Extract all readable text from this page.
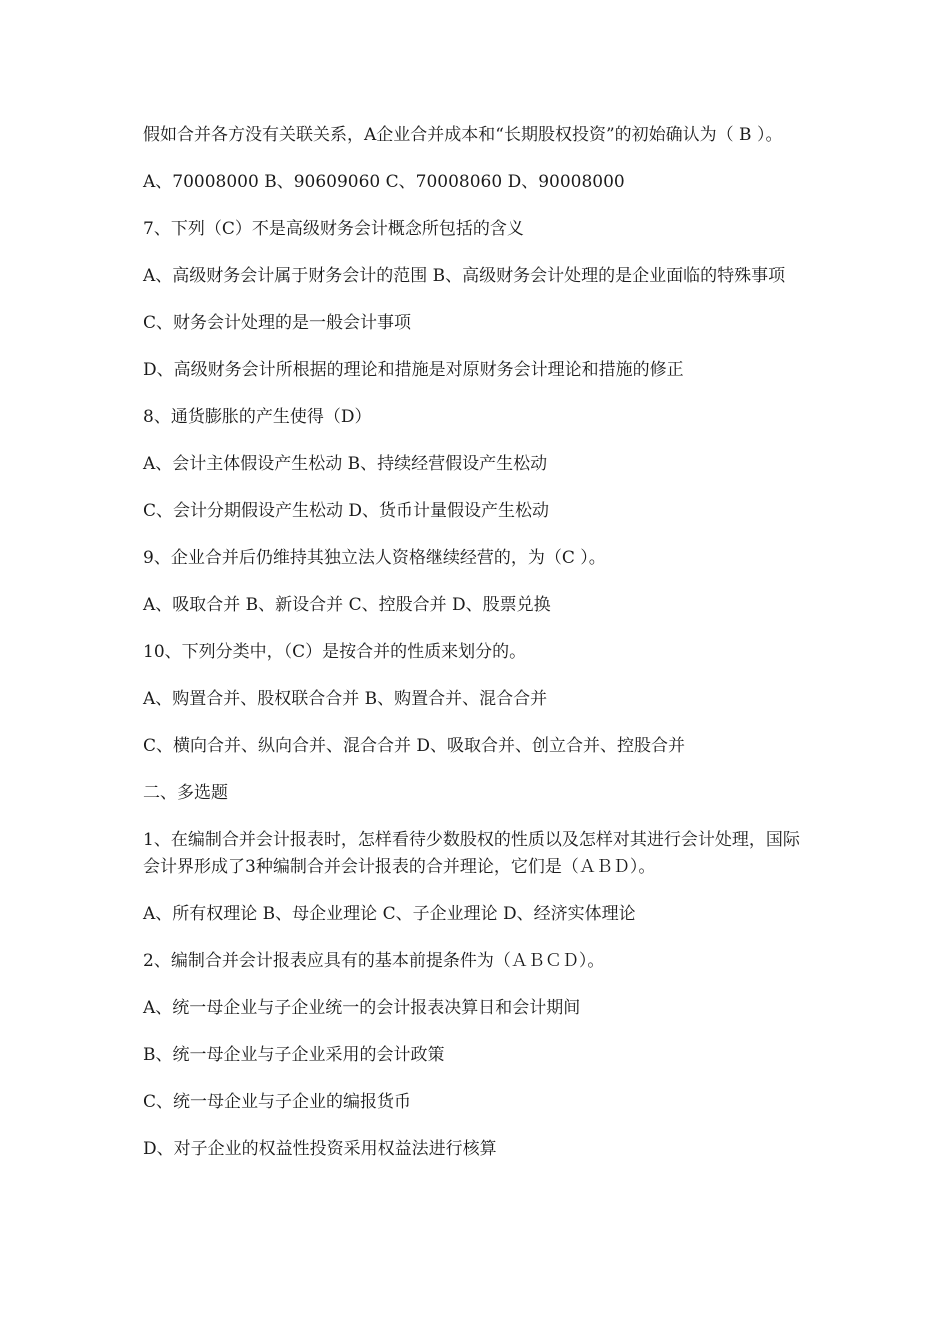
假如合并各方没有关联关系，A企业合并成本和“长期股权投资”的初始确认为（ B ）。

A、70008000 B、90609060 C、70008060 D、90008000

7、下列（C）不是高级财务会计概念所包括的含义

A、高级财务会计属于财务会计的范围 B、高级财务会计处理的是企业面临的特殊事项

C、财务会计处理的是一般会计事项

D、高级财务会计所根据的理论和措施是对原财务会计理论和措施的修正

8、通货膨胀的产生使得（D）

A、会计主体假设产生松动 B、持续经营假设产生松动

C、会计分期假设产生松动 D、货币计量假设产生松动

9、企业合并后仍维持其独立法人资格继续经营的，为（C ）。

A、吸取合并 B、新设合并 C、控股合并 D、股票兑换

10、下列分类中，（C）是按合并的性质来划分的。

A、购置合并、股权联合合并 B、购置合并、混合合并

C、横向合并、纵向合并、混合合并 D、吸取合并、创立合并、控股合并

二、多选题

1、在编制合并会计报表时，怎样看待少数股权的性质以及怎样对其进行会计处理，国际会计界形成了3种编制合并会计报表的合并理论，它们是（ＡＢＤ）。

A、所有权理论 B、母企业理论 C、子企业理论 D、经济实体理论

2、编制合并会计报表应具有的基本前提条件为（ＡＢＣＤ）。

A、统一母企业与子企业统一的会计报表决算日和会计期间

B、统一母企业与子企业采用的会计政策

C、统一母企业与子企业的编报货币

D、对子企业的权益性投资采用权益法进行核算
